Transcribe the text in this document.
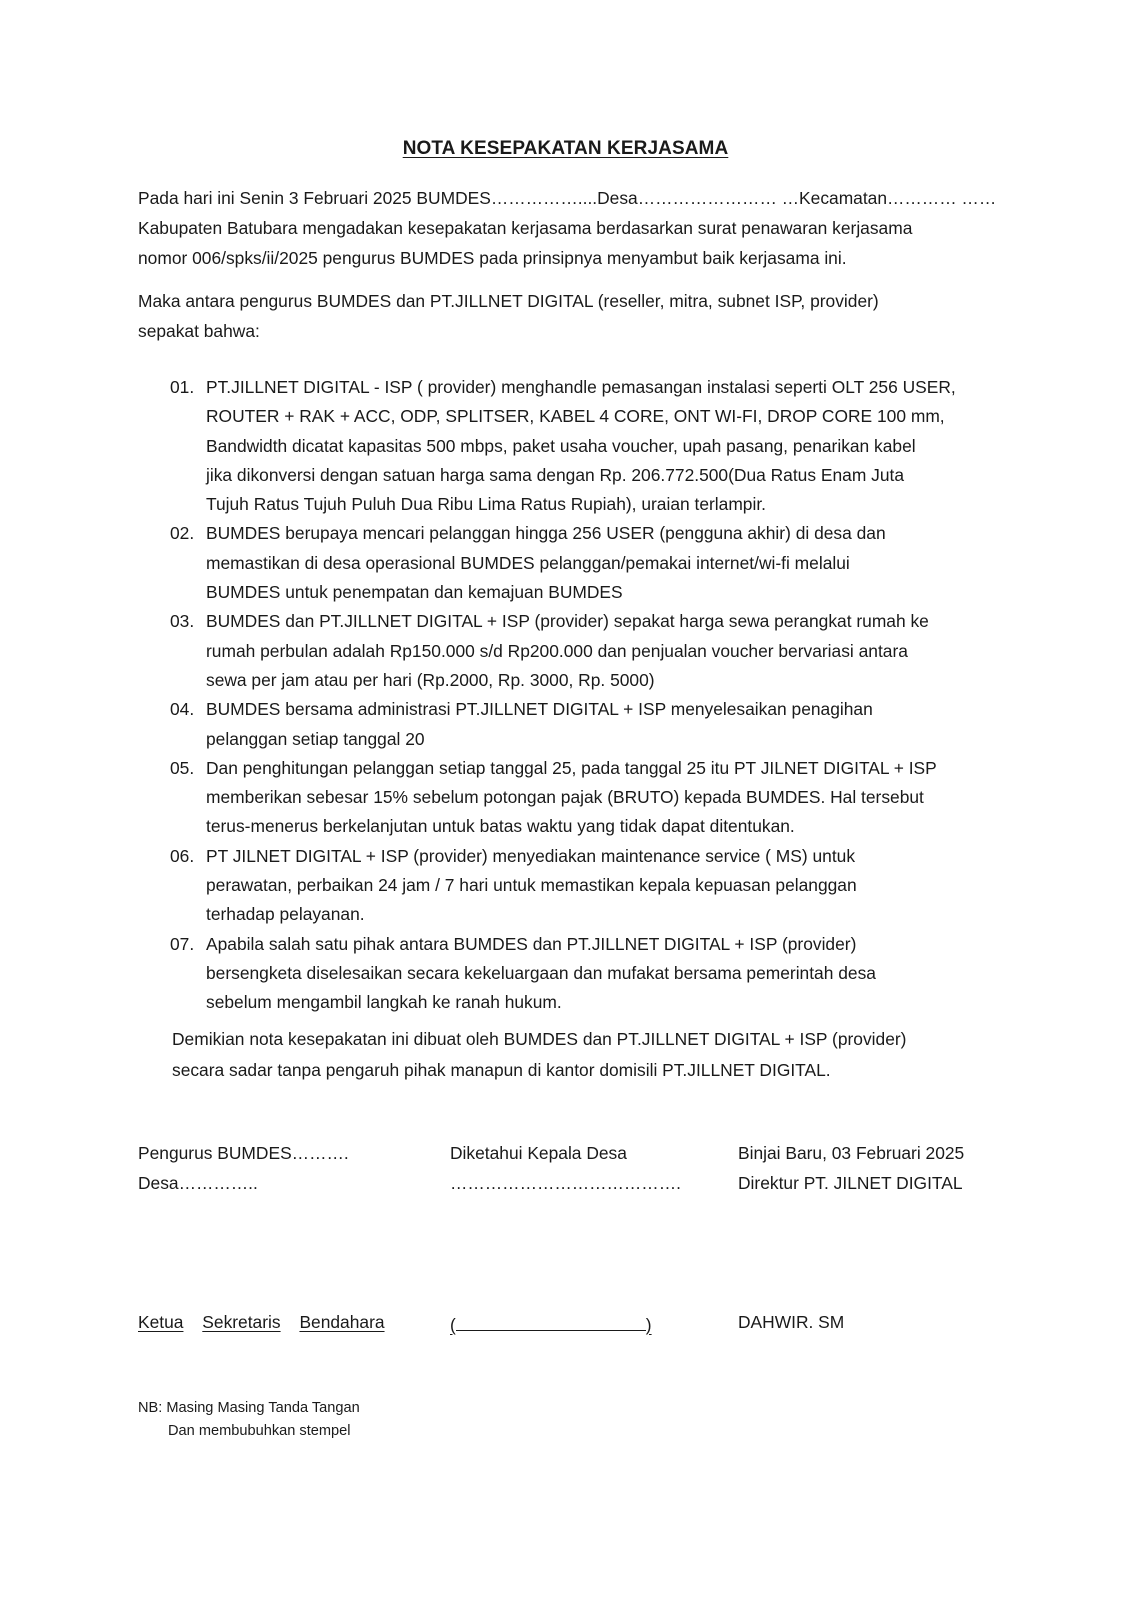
NOTA KESEPAKATAN KERJASAMA

Pada hari ini Senin 3 Februari 2025 BUMDES……………....Desa…………………… …Kecamatan………… ……
Kabupaten Batubara mengadakan kesepakatan kerjasama berdasarkan surat penawaran kerjasama
nomor 006/spks/ii/2025 pengurus BUMDES pada prinsipnya menyambut baik kerjasama ini.

Maka antara pengurus BUMDES dan PT.JILLNET DIGITAL (reseller, mitra, subnet ISP, provider)
sepakat bahwa:

01. PT.JILLNET DIGITAL - ISP ( provider) menghandle pemasangan instalasi seperti OLT 256 USER,
ROUTER + RAK + ACC, ODP, SPLITSER, KABEL 4 CORE, ONT WI-FI, DROP CORE 100 mm,
Bandwidth dicatat kapasitas 500 mbps, paket usaha voucher, upah pasang, penarikan kabel
jika dikonversi dengan satuan harga sama dengan Rp. 206.772.500(Dua Ratus Enam Juta
Tujuh Ratus Tujuh Puluh Dua Ribu Lima Ratus Rupiah), uraian terlampir.
02. BUMDES berupaya mencari pelanggan hingga 256 USER (pengguna akhir) di desa dan
memastikan di desa operasional BUMDES pelanggan/pemakai internet/wi-fi melalui
BUMDES untuk penempatan dan kemajuan BUMDES
03. BUMDES dan PT.JILLNET DIGITAL + ISP (provider) sepakat harga sewa perangkat rumah ke
rumah perbulan adalah Rp150.000 s/d Rp200.000 dan penjualan voucher bervariasi antara
sewa per jam atau per hari (Rp.2000, Rp. 3000, Rp. 5000)
04. BUMDES bersama administrasi PT.JILLNET DIGITAL + ISP menyelesaikan penagihan
pelanggan setiap tanggal 20
05. Dan penghitungan pelanggan setiap tanggal 25, pada tanggal 25 itu PT JILNET DIGITAL + ISP
memberikan sebesar 15% sebelum potongan pajak (BRUTO) kepada BUMDES. Hal tersebut
terus-menerus berkelanjutan untuk batas waktu yang tidak dapat ditentukan.
06. PT JILNET DIGITAL + ISP (provider) menyediakan maintenance service ( MS) untuk
perawatan, perbaikan 24 jam / 7 hari untuk memastikan kepala kepuasan pelanggan
terhadap pelayanan.
07. Apabila salah satu pihak antara BUMDES dan PT.JILLNET DIGITAL + ISP (provider)
bersengketa diselesaikan secara kekeluargaan dan mufakat bersama pemerintah desa
sebelum mengambil langkah ke ranah hukum.

Demikian nota kesepakatan ini dibuat oleh BUMDES dan PT.JILLNET DIGITAL + ISP (provider)
secara sadar tanpa pengaruh pihak manapun di kantor domisili PT.JILLNET DIGITAL.

Pengurus BUMDES……….
Desa…………..
Diketahui Kepala Desa
………………………………….
Binjai Baru, 03 Februari 2025
Direktur PT. JILNET DIGITAL
Ketua Sekretaris Bendahara	(	)	DAHWIR. SM
NB: Masing Masing Tanda Tangan
Dan membubuhkan stempel
